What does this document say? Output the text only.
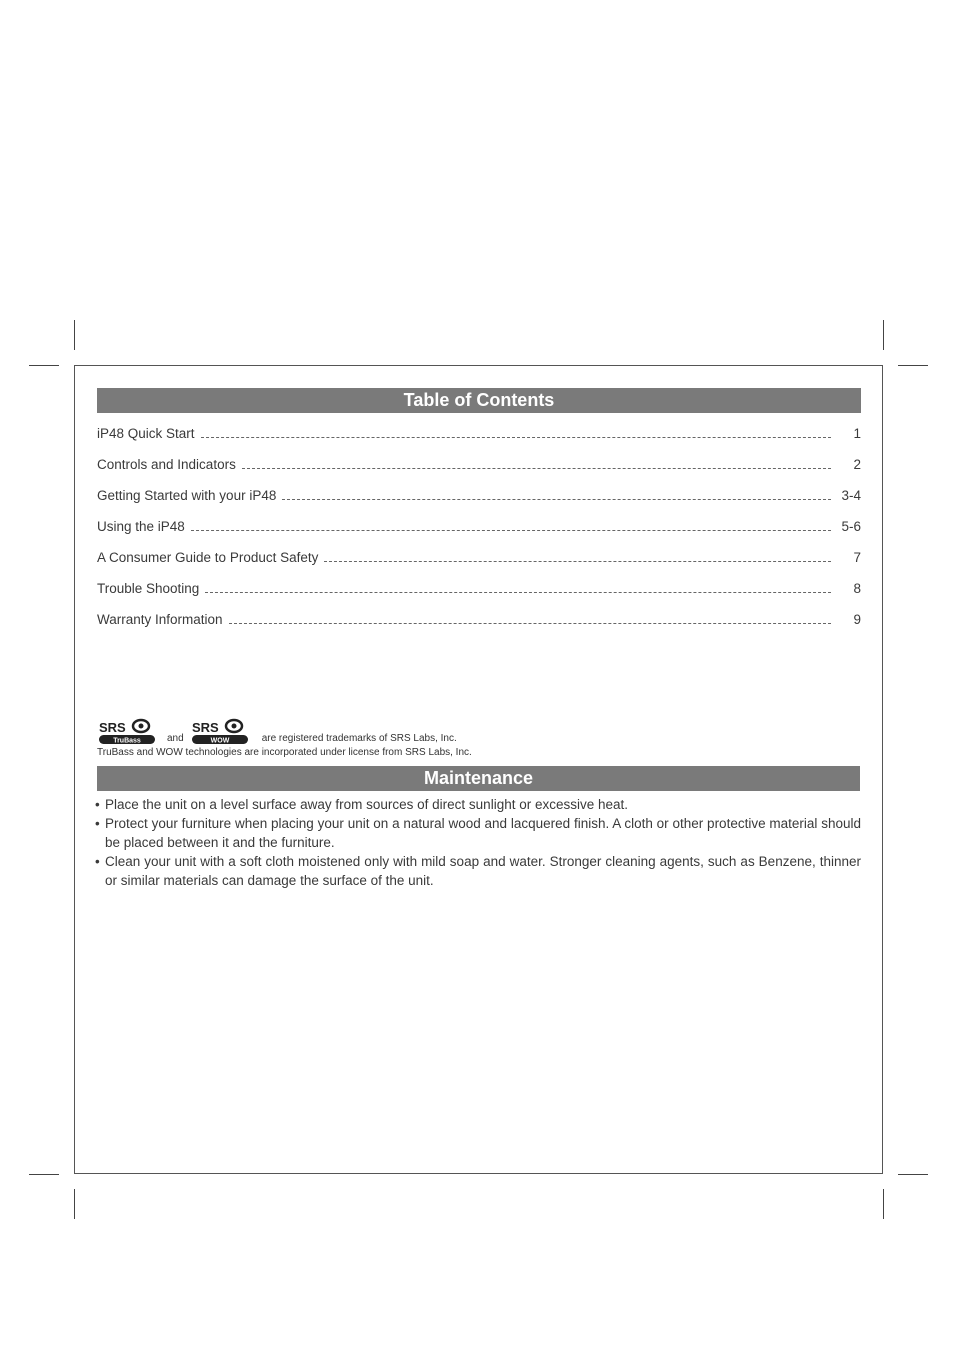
Table of Contents
iP48 Quick Start	1
Controls and Indicators	2
Getting Started with your iP48	3-4
Using the iP48	5-6
A Consumer Guide to Product Safety	7
Trouble Shooting	8
Warranty Information	9
SRS
TruBass	and
SRS
WOW	are registered trademarks of SRS Labs, Inc.
TruBass and WOW technologies are incorporated under license from SRS Labs, Inc.
Maintenance
• Place the unit on a level surface away from sources of direct sunlight or excessive heat.
• Protect your furniture when placing your unit on a natural wood and lacquered finish. A cloth or other protective material should be placed between it and the furniture.
• Clean your unit with a soft cloth moistened only with mild soap and water. Stronger cleaning agents, such as Benzene, thinner or similar materials can damage the surface of the unit.
